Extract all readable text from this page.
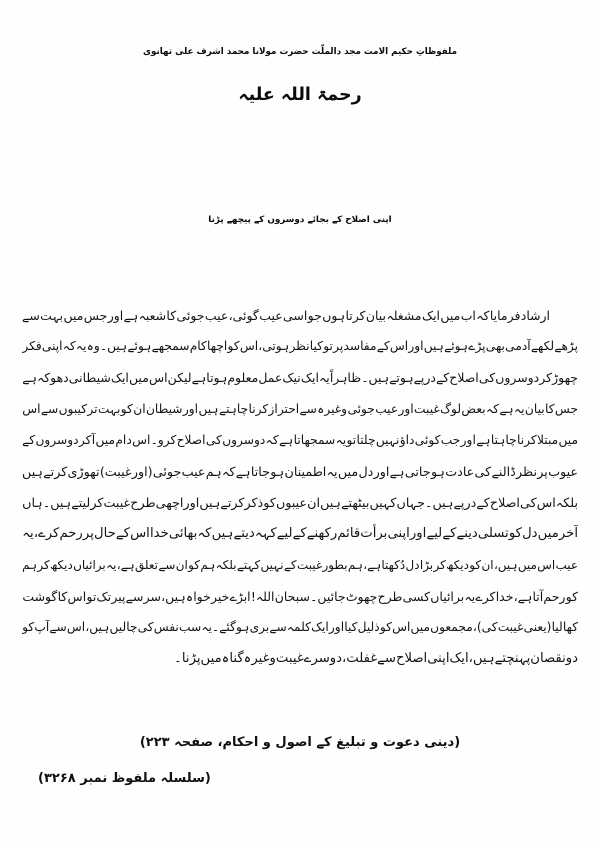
ملفوظاتِ حکیم الامت مجد دالملّت حضرت مولانا محمد اشرف علی تھانوی
رحمۃ اللہ علیہ
اپنی اصلاح کے بجائے دوسروں کے پیچھے پڑنا
ارشاد
فرمایا
کہ
اب
میں
ایک
مشغلہ
بیان
کرتا
ہوں
جو
اسی
عیب
گوئی،
عیب
جوئی
کا
شعبہ
ہے
اور
جس
میں
بہت
سے
پڑھے
لکھے
آدمی
بھی
پڑے
ہوئے
ہیں
اور
اس
کے
مفاسد
پر
تو
کیا
نظر
ہوتی،
اس
کو
اچھا
کام
سمجھے
ہوئے
ہیں۔
وہ
یہ
کہ
اپنی
فکر
چھوڑ
کر
دوسروں
کی
اصلاح
کے
درپے
ہوتے
ہیں۔
ظاہراً
یہ
ایک
نیک
عمل
معلوم
ہوتا
ہے
لیکن
اس
میں
ایک
شیطانی
دھوکہ
ہے
جس
کا
بیان
یہ
ہے
کہ
بعض
لوگ
غیبت
اور
عیب
جوئی
وغیرہ
سے
احتراز
کرنا
چاہتے
ہیں
اور
شیطان
ان
کو
بہت
تر
کیبوں
سے
اس
میں
مبتلا
کرنا
چاہتا
ہے
اور
جب
کوئی
داؤ
نہیں
چلتا
تو
یہ
سمجھاتا
ہے
کہ
دوسروں
کی
اصلاح
کرو۔
اس
دام
میں
آ
کر
دوسروں
کے
عیوب
پر
نظر
ڈالنے
کی
عادت
ہو
جاتی
ہے
اور
دل
میں
یہ
اطمینان
ہو
جاتا
ہے
کہ
ہم
عیب
جوئی
(اور
غیبت)
تھوڑی
کرتے
ہیں
بلکہ
اس
کی
اصلاح
کے
درپے
ہیں۔
جہاں
کہیں
بیٹھتے
ہیں
ان
عیبوں
کو
ذکر
کرتے
ہیں
اور
اچھی
طرح
غیبت
کر
لیتے
ہیں۔
ہاں
آخر
میں
دل
کو
تسلی
دینے
کے
لیے
اور
اپنی
برأت
قائم
رکھنے
کے
لیے
کہہ
دیتے
ہیں
کہ
بھائی
خدا
اس
کے
حال
پر
رحم
کرے،
یہ
عیب
اس
میں
ہیں،
ان
کو
دیکھ
کر
بڑا
دل
دُکھتا
ہے،
ہم
بطور
غیبت
کے
نہیں
کہتے
بلکہ
ہم
کو
ان
سے
تعلق
ہے،
یہ
برائیاں
دیکھ
کر
ہم
کو
رحم
آتا
ہے،
خدا
کرے
یہ
برائیاں
کسی
طرح
چھوٹ
جائیں۔
سبحان
اللہ!
ابڑے
خیر
خواہ
ہیں،
سر
سے
پیر
تک
تو
اس
کا
گوشت
کھا
لیا
(یعنی
غیبت
کی)،
مجمعوں
میں
اس
کو
ذلیل
کیا
اور
ایک
کلمہ
سے
بری
ہو
گئے۔
یہ
سب
نفس
کی
چالیں
ہیں،
اس
سے
آپ
کو
دو
نقصان
پہنچتے
ہیں،
ایک
اپنی
اصلاح
سے
غفلت،
دوسرے
غیبت
وغیرہ
گناہ
میں
پڑنا۔
(دینی دعوت و تبلیغ کے اصول و احکام، صفحہ ۲۲۳)
(سلسلہ ملفوظ نمبر ۳۲۶۸)
